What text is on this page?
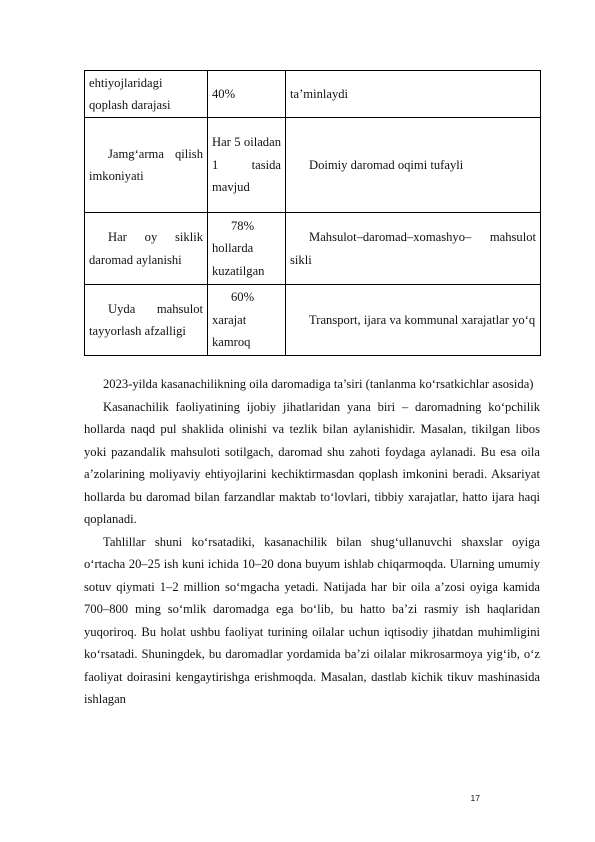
ehtiyojlaridagi qoplash darajasi	40%	ta’minlaydi

Jamg‘arma qilish imkoniyati	Har 5 oiladan 1 tasida mavjud	Doimiy daromad oqimi tufayli

Har oy siklik daromad aylanishi	78% hollarda kuzatilgan	Mahsulot–daromad–xomashyo– mahsulot sikli

Uyda mahsulot tayyorlash afzalligi	60% xarajat kamroq	Transport, ijara va kommunal xarajatlar yo‘q

2023-yilda kasanachilikning oila daromadiga ta’siri (tanlanma ko‘rsatkichlar asosida)

Kasanachilik faoliyatining ijobiy jihatlaridan yana biri – daromadning ko‘pchilik hollarda naqd pul shaklida olinishi va tezlik bilan aylanishidir. Masalan, tikilgan libos yoki pazandalik mahsuloti sotilgach, daromad shu zahoti foydaga aylanadi. Bu esa oila a’zolarining moliyaviy ehtiyojlarini kechiktirmasdan qoplash imkonini beradi. Aksariyat hollarda bu daromad bilan farzandlar maktab to‘lovlari, tibbiy xarajatlar, hatto ijara haqi qoplanadi.

Tahlillar shuni ko‘rsatadiki, kasanachilik bilan shug‘ullanuvchi shaxslar oyiga o‘rtacha 20–25 ish kuni ichida 10–20 dona buyum ishlab chiqarmoqda. Ularning umumiy sotuv qiymati 1–2 million so‘mgacha yetadi. Natijada har bir oila a’zosi oyiga kamida 700–800 ming so‘mlik daromadga ega bo‘lib, bu hatto ba’zi rasmiy ish haqlaridan yuqoriroq. Bu holat ushbu faoliyat turining oilalar uchun iqtisodiy jihatdan muhimligini ko‘rsatadi. Shuningdek, bu daromadlar yordamida ba’zi oilalar mikrosarmoya yig‘ib, o‘z faoliyat doirasini kengaytirishga erishmoqda. Masalan, dastlab kichik tikuv mashinasida ishlagan

17
